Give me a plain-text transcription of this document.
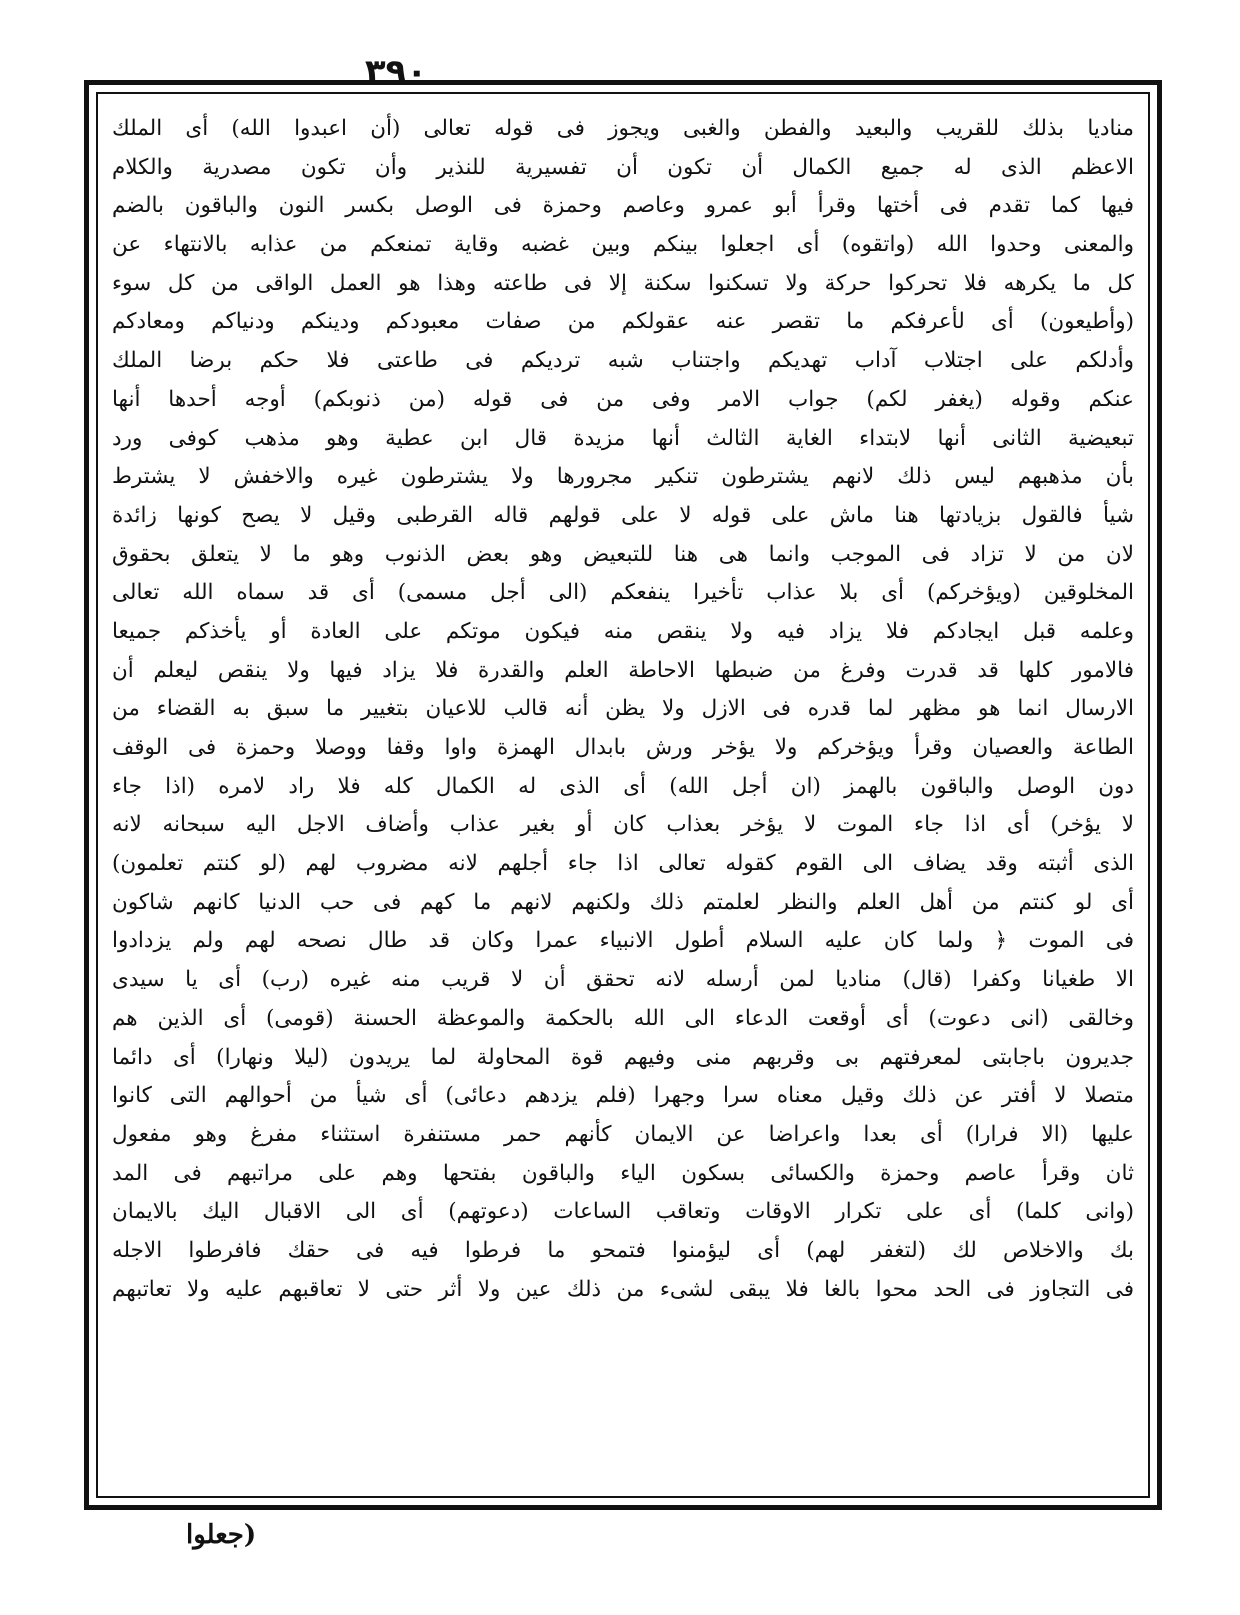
٣٩٠
منادیا بذلك للقریب والبعید والفطن والغبی ویجوز فی قوله تعالی (أن اعبدوا الله) أی الملك
الاعظم الذی له جمیع الكمال أن تكون أن تفسیریة للنذیر وأن تكون مصدریة والكلام
فیها كما تقدم فی أختها وقرأ أبو عمرو وعاصم وحمزة فی الوصل بكسر النون والباقون بالضم
والمعنی وحدوا الله (واتقوه) أی اجعلوا بینكم وبین غضبه وقایة تمنعكم من عذابه بالانتهاء عن
كل ما یكرهه فلا تحركوا حركة ولا تسكنوا سكنة إلا فی طاعته وهذا هو العمل الواقی من كل سوء
(وأطیعون) أی لأعرفكم ما تقصر عنه عقولكم من صفات معبودكم ودینكم ودنیاكم ومعادكم
وأدلكم علی اجتلاب آداب تهدیكم واجتناب شبه تردیكم فی طاعتی فلا حكم برضا الملك
عنكم وقوله (یغفر لكم) جواب الامر وفی من فی قوله (من ذنوبكم) أوجه أحدها أنها
تبعیضیة الثانی أنها لابتداء الغایة الثالث أنها مزیدة قال ابن عطیة وهو مذهب كوفی ورد
بأن مذهبهم لیس ذلك لانهم یشترطون تنكیر مجرورها ولا یشترطون غیره والاخفش لا یشترط
شیأ فالقول بزیادتها هنا ماش علی قوله لا علی قولهم قاله القرطبی وقیل لا یصح كونها زائدة
لان من لا تزاد فی الموجب وانما هی هنا للتبعیض وهو بعض الذنوب وهو ما لا یتعلق بحقوق
المخلوقین (ویؤخركم) أی بلا عذاب تأخیرا ینفعكم (الی أجل مسمی) أی قد سماه الله تعالی
وعلمه قبل ایجادكم فلا یزاد فیه ولا ینقص منه فیكون موتكم علی العادة أو یأخذكم جمیعا
فالامور كلها قد قدرت وفرغ من ضبطها الاحاطة العلم والقدرة فلا یزاد فیها ولا ینقص لیعلم أن
الارسال انما هو مظهر لما قدره فی الازل ولا یظن أنه قالب للاعیان بتغییر ما سبق به القضاء من
الطاعة والعصیان وقرأ ویؤخركم ولا یؤخر ورش بابدال الهمزة واوا وقفا ووصلا وحمزة فی الوقف
دون الوصل والباقون بالهمز (ان أجل الله) أی الذی له الكمال كله فلا راد لامره (اذا جاء
لا یؤخر) أی اذا جاء الموت لا یؤخر بعذاب كان أو بغیر عذاب وأضاف الاجل الیه سبحانه لانه
الذی أثبته وقد یضاف الی القوم كقوله تعالی اذا جاء أجلهم لانه مضروب لهم (لو كنتم تعلمون)
أی لو كنتم من أهل العلم والنظر لعلمتم ذلك ولكنهم لانهم ما كهم فی حب الدنیا كانهم شاكون
فی الموت ﴿ ولما كان علیه السلام أطول الانبیاء عمرا وكان قد طال نصحه لهم ولم یزدادوا
الا طغیانا وكفرا (قال) منادیا لمن أرسله لانه تحقق أن لا قریب منه غیره (رب) أی یا سیدی
وخالقی (انی دعوت) أی أوقعت الدعاء الی الله بالحكمة والموعظة الحسنة (قومی) أی الذین هم
جدیرون باجابتی لمعرفتهم بی وقربهم منی وفیهم قوة المحاولة لما یریدون (لیلا ونهارا) أی دائما
متصلا لا أفتر عن ذلك وقیل معناه سرا وجهرا (فلم یزدهم دعائی) أی شیأ من أحوالهم التی كانوا
علیها (الا فرارا) أی بعدا واعراضا عن الایمان كأنهم حمر مستنفرة استثناء مفرغ وهو مفعول
ثان وقرأ عاصم وحمزة والكسائی بسكون الیاء والباقون بفتحها وهم علی مراتبهم فی المد
(وانی كلما) أی علی تكرار الاوقات وتعاقب الساعات (دعوتهم) أی الی الاقبال الیك بالایمان
بك والاخلاص لك (لتغفر لهم) أی لیؤمنوا فتمحو ما فرطوا فیه فی حقك فافرطوا الاجله
فی التجاوز فی الحد محوا بالغا فلا یبقی لشیء من ذلك عین ولا أثر حتی لا تعاقبهم علیه ولا تعاتبهم
(جعلوا
